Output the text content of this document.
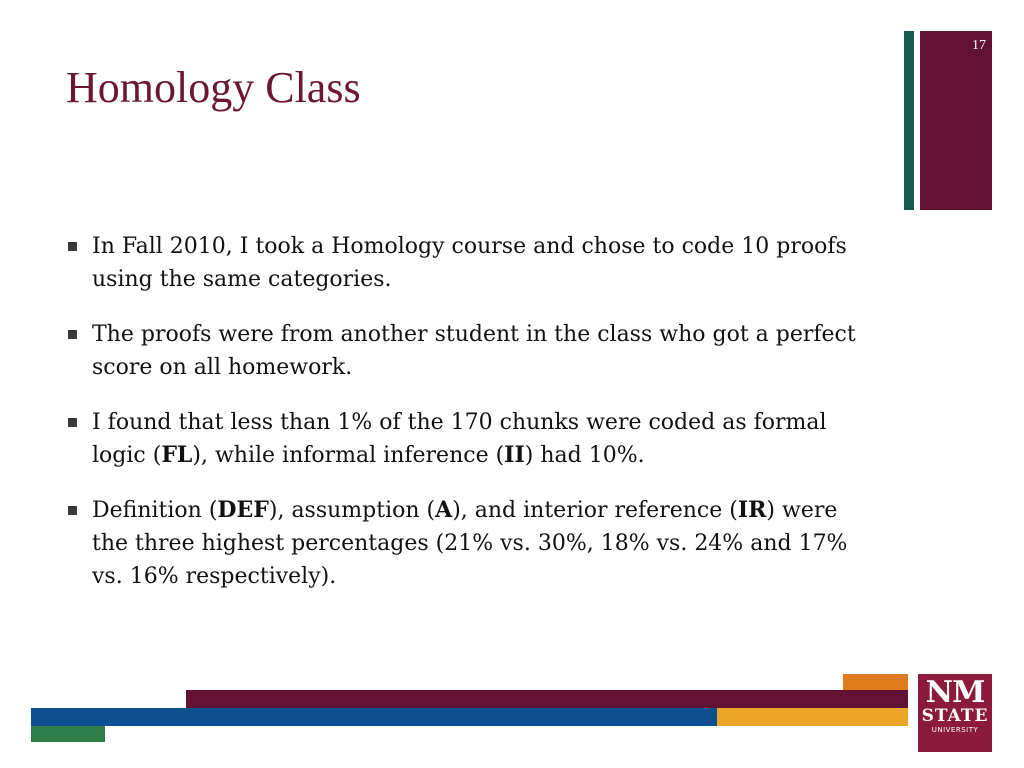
17
Homology Class
In Fall 2010, I took a Homology course and chose to code 10 proofs using the same categories.
The proofs were from another student in the class who got a perfect score on all homework.
I found that less than 1% of the 170 chunks were coded as formal logic (FL), while informal inference (II) had 10%.
Definition (DEF), assumption (A), and interior reference (IR) were the three highest percentages (21% vs. 30%, 18% vs. 24% and 17% vs. 16% respectively).
NM
STATE
UNIVERSITY
